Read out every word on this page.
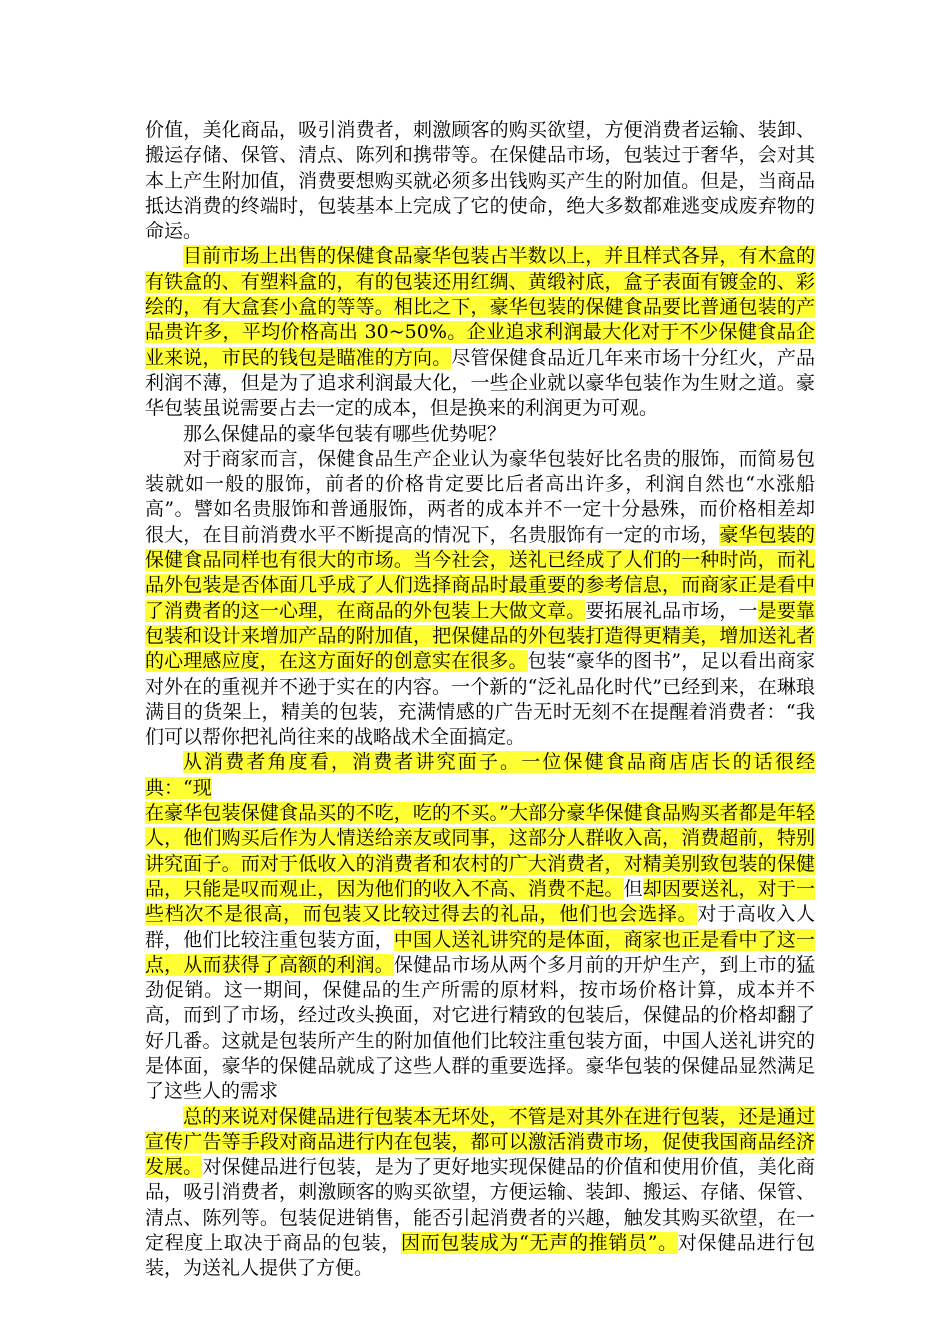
价值，美化商品，吸引消费者，刺激顾客的购买欲望，方便消费者运输、装卸、搬运存储、保管、清点、陈列和携带等。在保健品市场，包装过于奢华，会对其本上产生附加值，消费要想购买就必须多出钱购买产生的附加值。但是，当商品抵达消费的终端时，包装基本上完成了它的使命，绝大多数都难逃变成废弃物的命运。

目前市场上出售的保健食品豪华包装占半数以上，并且样式各异，有木盒的有铁盒的、有塑料盒的，有的包装还用红绸、黄缎衬底，盒子表面有镀金的、彩绘的，有大盒套小盒的等等。相比之下，豪华包装的保健食品要比普通包装的产品贵许多，平均价格高出 30~50%。企业追求利润最大化对于不少保健食品企业来说，市民的钱包是瞄准的方向。尽管保健食品近几年来市场十分红火，产品利润不薄，但是为了追求利润最大化，一些企业就以豪华包装作为生财之道。豪华包装虽说需要占去一定的成本，但是换来的利润更为可观。

那么保健品的豪华包装有哪些优势呢？

对于商家而言，保健食品生产企业认为豪华包装好比名贵的服饰，而简易包装就如一般的服饰，前者的价格肯定要比后者高出许多，利润自然也“水涨船高”。譬如名贵服饰和普通服饰，两者的成本并不一定十分悬殊，而价格相差却很大，在目前消费水平不断提高的情况下，名贵服饰有一定的市场，豪华包装的保健食品同样也有很大的市场。当今社会，送礼已经成了人们的一种时尚，而礼品外包装是否体面几乎成了人们选择商品时最重要的参考信息，而商家正是看中了消费者的这一心理，在商品的外包装上大做文章。要拓展礼品市场，一是要靠包装和设计来增加产品的附加值，把保健品的外包装打造得更精美，增加送礼者的心理感应度，在这方面好的创意实在很多。包装“豪华的图书”，足以看出商家对外在的重视并不逊于实在的内容。一个新的“泛礼品化时代”已经到来，在琳琅满目的货架上，精美的包装，充满情感的广告无时无刻不在提醒着消费者：“我们可以帮你把礼尚往来的战略战术全面搞定。

从消费者角度看，消费者讲究面子。一位保健食品商店店长的话很经典：“现

在豪华包装保健食品买的不吃，吃的不买。”大部分豪华保健食品购买者都是年轻人，他们购买后作为人情送给亲友或同事，这部分人群收入高，消费超前，特别讲究面子。而对于低收入的消费者和农村的广大消费者，对精美别致包装的保健品，只能是叹而观止，因为他们的收入不高、消费不起。但却因要送礼，对于一些档次不是很高，而包装又比较过得去的礼品，他们也会选择。对于高收入人群，他们比较注重包装方面，中国人送礼讲究的是体面，商家也正是看中了这一点，从而获得了高额的利润。保健品市场从两个多月前的开炉生产，到上市的猛劲促销。这一期间，保健品的生产所需的原材料，按市场价格计算，成本并不高，而到了市场，经过改头换面，对它进行精致的包装后，保健品的价格却翻了好几番。这就是包装所产生的附加值他们比较注重包装方面，中国人送礼讲究的是体面，豪华的保健品就成了这些人群的重要选择。豪华包装的保健品显然满足了这些人的需求

总的来说对保健品进行包装本无坏处，不管是对其外在进行包装，还是通过宣传广告等手段对商品进行内在包装，都可以激活消费市场，促使我国商品经济发展。对保健品进行包装，是为了更好地实现保健品的价值和使用价值，美化商品，吸引消费者，刺激顾客的购买欲望，方便运输、装卸、搬运、存储、保管、清点、陈列等。包装促进销售，能否引起消费者的兴趣，触发其购买欲望，在一定程度上取决于商品的包装，因而包装成为“无声的推销员”。对保健品进行包装，为送礼人提供了方便。
